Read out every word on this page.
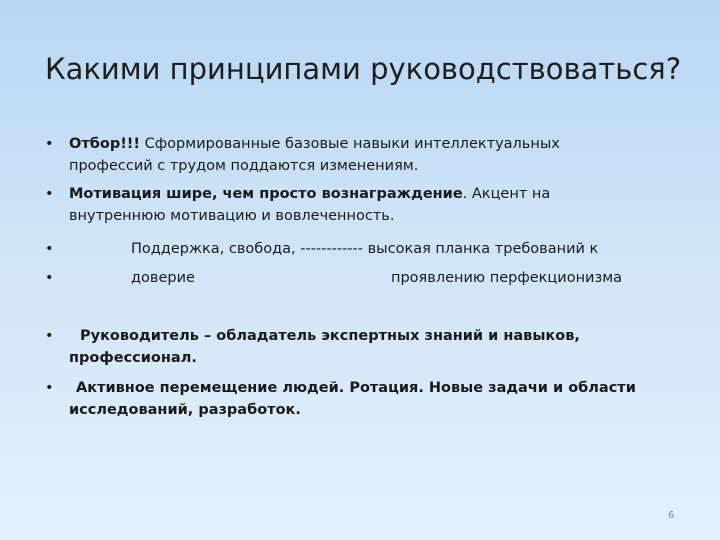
Какими принципами руководствоваться?
•	Отбор!!! Сформированные базовые навыки интеллектуальных
профессий с трудом поддаются изменениям.
•	Мотивация шире, чем просто вознаграждение. Акцент на
внутреннюю мотивацию и вовлеченность.
•	Поддержка, свобода, ------------ высокая планка требований к
•	доверие	проявлению перфекционизма
•	Руководитель – обладатель экспертных знаний и навыков,
профессионал.
•	Активное перемещение людей. Ротация. Новые задачи и области
исследований, разработок.
6
